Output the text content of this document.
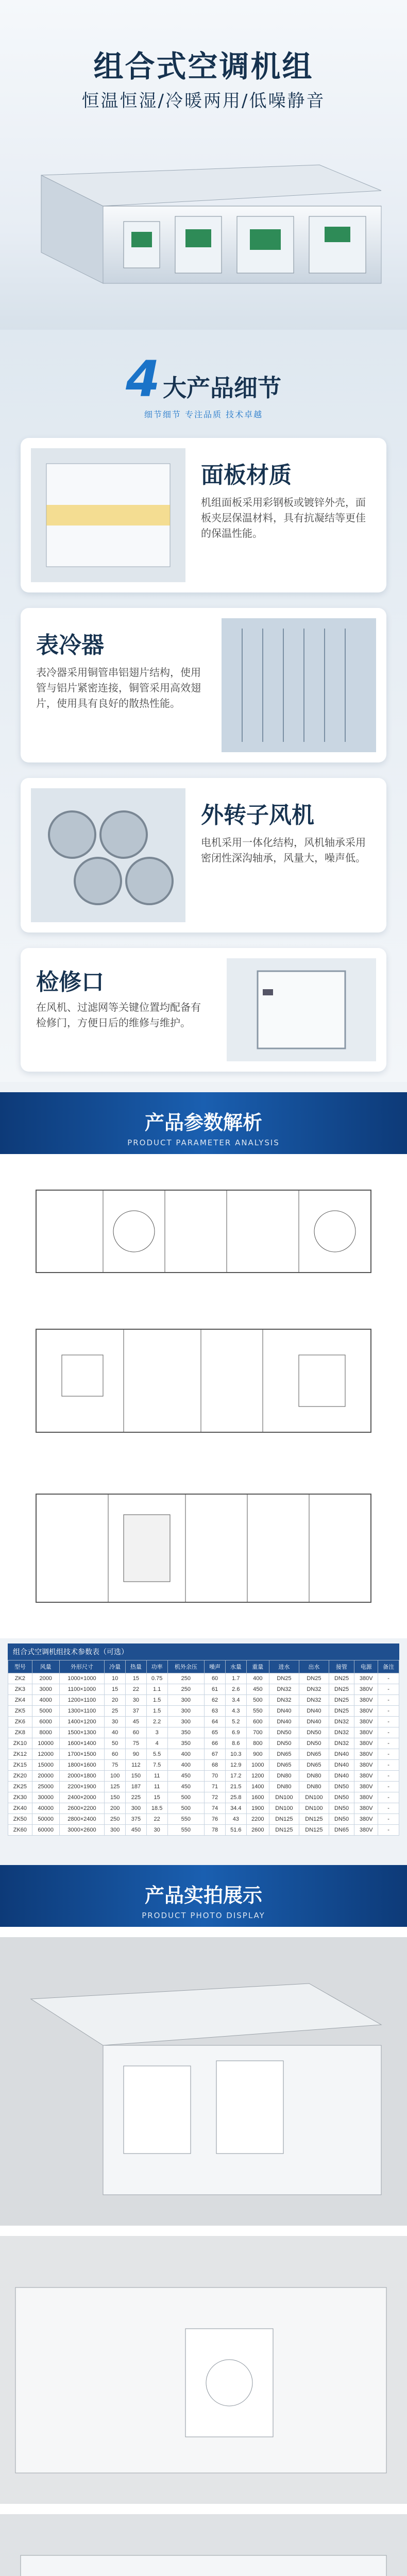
组合式空调机组
恒温恒湿/冷暖两用/低噪静音
4 大产品细节
细节细节 专注品质 技术卓越
面板材质
机组面板采用彩钢板或镀锌外壳，面板夹层保温材料，具有抗凝结等更佳的保温性能。
表冷器
表冷器采用铜管串铝翅片结构，使用管与铝片紧密连接，铜管采用高效翅片，使用具有良好的散热性能。
外转子风机
电机采用一体化结构，风机轴承采用密闭性深沟轴承，风量大，噪声低。
检修口
在风机、过滤网等关键位置均配备有检修门，方便日后的维修与维护。
产品参数解析
PRODUCT PARAMETER ANALYSIS
组合式空调机组技术参数表（可选）
型号	风量	外形尺寸	冷量	热量	功率	机外余压	噪声	水量	重量	进水	出水	接管	电源	备注
ZK2	2000	1000×1000	10	15	0.75	250	60	1.7	400	DN25	DN25	DN25	380V	-
ZK3	3000	1100×1000	15	22	1.1	250	61	2.6	450	DN32	DN32	DN25	380V	-
ZK4	4000	1200×1100	20	30	1.5	300	62	3.4	500	DN32	DN32	DN25	380V	-
ZK5	5000	1300×1100	25	37	1.5	300	63	4.3	550	DN40	DN40	DN25	380V	-
ZK6	6000	1400×1200	30	45	2.2	300	64	5.2	600	DN40	DN40	DN32	380V	-
ZK8	8000	1500×1300	40	60	3	350	65	6.9	700	DN50	DN50	DN32	380V	-
ZK10	10000	1600×1400	50	75	4	350	66	8.6	800	DN50	DN50	DN32	380V	-
ZK12	12000	1700×1500	60	90	5.5	400	67	10.3	900	DN65	DN65	DN40	380V	-
ZK15	15000	1800×1600	75	112	7.5	400	68	12.9	1000	DN65	DN65	DN40	380V	-
ZK20	20000	2000×1800	100	150	11	450	70	17.2	1200	DN80	DN80	DN40	380V	-
ZK25	25000	2200×1900	125	187	11	450	71	21.5	1400	DN80	DN80	DN50	380V	-
ZK30	30000	2400×2000	150	225	15	500	72	25.8	1600	DN100	DN100	DN50	380V	-
ZK40	40000	2600×2200	200	300	18.5	500	74	34.4	1900	DN100	DN100	DN50	380V	-
ZK50	50000	2800×2400	250	375	22	550	76	43	2200	DN125	DN125	DN50	380V	-
ZK60	60000	3000×2600	300	450	30	550	78	51.6	2600	DN125	DN125	DN65	380V	-
产品实拍展示
PRODUCT PHOTO DISPLAY
